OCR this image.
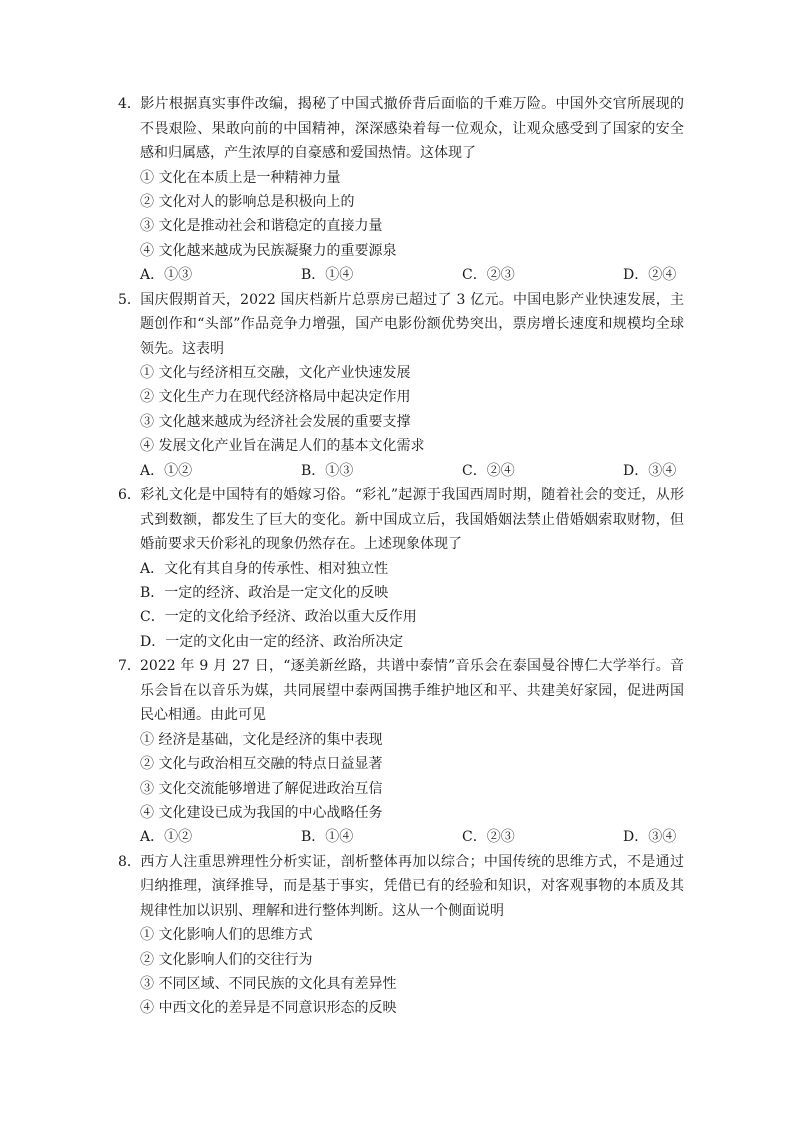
4．影片根据真实事件改编，揭秘了中国式撤侨背后面临的千难万险。中国外交官所展现的不畏艰险、果敢向前的中国精神，深深感染着每一位观众，让观众感受到了国家的安全感和归属感，产生浓厚的自豪感和爱国热情。这体现了
① 文化在本质上是一种精神力量
② 文化对人的影响总是积极向上的
③ 文化是推动社会和谐稳定的直接力量
④ 文化越来越成为民族凝聚力的重要源泉
A．①③	B．①④	C．②③	D．②④
5．国庆假期首天，2022 国庆档新片总票房已超过了 3 亿元。中国电影产业快速发展，主题创作和“头部”作品竞争力增强，国产电影份额优势突出，票房增长速度和规模均全球领先。这表明
① 文化与经济相互交融，文化产业快速发展
② 文化生产力在现代经济格局中起决定作用
③ 文化越来越成为经济社会发展的重要支撑
④ 发展文化产业旨在满足人们的基本文化需求
A．①②	B．①③	C．②④	D．③④
6．彩礼文化是中国特有的婚嫁习俗。“彩礼”起源于我国西周时期，随着社会的变迁，从形式到数额，都发生了巨大的变化。新中国成立后，我国婚姻法禁止借婚姻索取财物，但婚前要求天价彩礼的现象仍然存在。上述现象体现了
A．文化有其自身的传承性、相对独立性
B．一定的经济、政治是一定文化的反映
C．一定的文化给予经济、政治以重大反作用
D．一定的文化由一定的经济、政治所决定
7．2022 年 9 月 27 日，“逐美新丝路，共谱中泰情”音乐会在泰国曼谷博仁大学举行。音乐会旨在以音乐为媒，共同展望中泰两国携手维护地区和平、共建美好家园，促进两国民心相通。由此可见
① 经济是基础，文化是经济的集中表现
② 文化与政治相互交融的特点日益显著
③ 文化交流能够增进了解促进政治互信
④ 文化建设已成为我国的中心战略任务
A．①②	B．①④	C．②③	D．③④
8．西方人注重思辨理性分析实证，剖析整体再加以综合；中国传统的思维方式，不是通过归纳推理，演绎推导，而是基于事实，凭借已有的经验和知识，对客观事物的本质及其规律性加以识别、理解和进行整体判断。这从一个侧面说明
① 文化影响人们的思维方式
② 文化影响人们的交往行为
③ 不同区域、不同民族的文化具有差异性
④ 中西文化的差异是不同意识形态的反映
